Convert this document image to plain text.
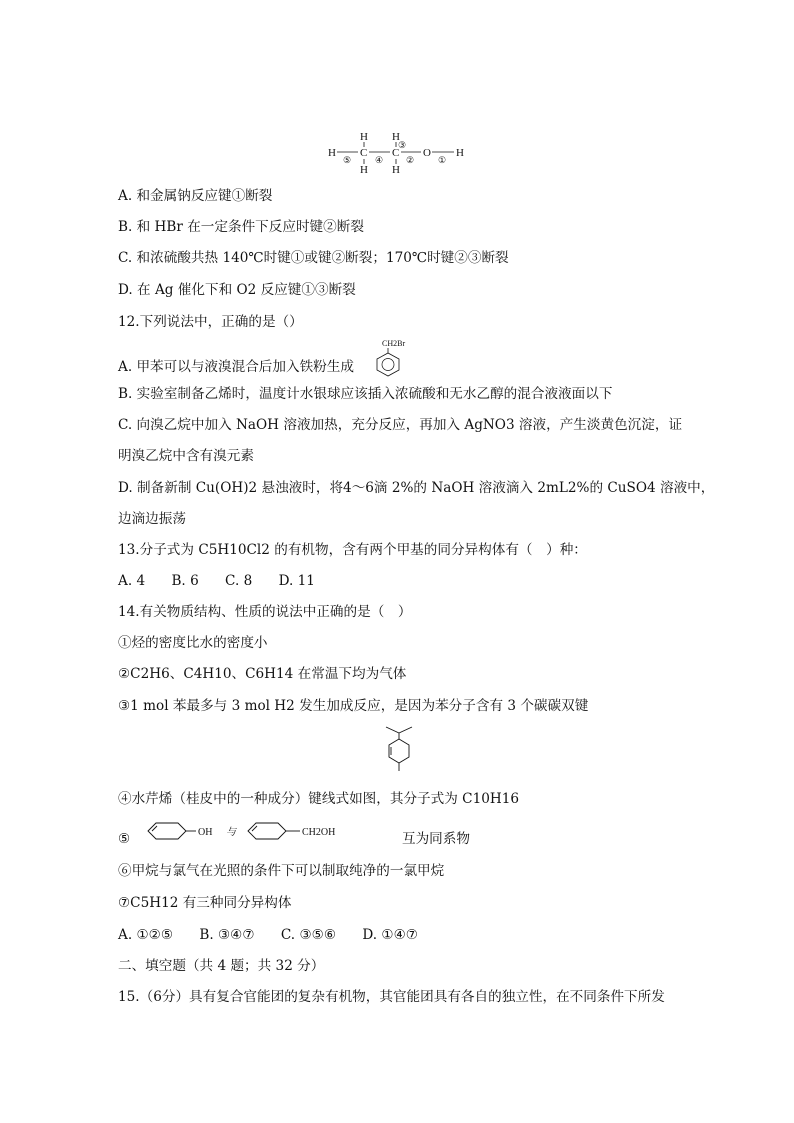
H H
H C C O H
H H
⑤	④
③
②	①
A. 和金属钠反应键①断裂
B. 和 HBr 在一定条件下反应时键②断裂
C. 和浓硫酸共热 140℃时键①或键②断裂；170℃时键②③断裂
D. 在 Ag 催化下和 O2 反应键①③断裂
12.下列说法中，正确的是（）
A. 甲苯可以与液溴混合后加入铁粉生成
CH2Br
B. 实验室制备乙烯时，温度计水银球应该插入浓硫酸和无水乙醇的混合液液面以下
C. 向溴乙烷中加入 NaOH 溶液加热，充分反应，再加入 AgNO3 溶液，产生淡黄色沉淀，证
明溴乙烷中含有溴元素
D. 制备新制 Cu(OH)2 悬浊液时，将4～6滴 2%的 NaOH 溶液滴入 2mL2%的 CuSO4 溶液中，
边滴边振荡
13.分子式为 C5H10Cl2 的有机物，含有两个甲基的同分异构体有（　）种：
A. 4 B. 6 C. 8 D. 11
14.有关物质结构、性质的说法中正确的是（　）
①烃的密度比水的密度小
②C2H6、C4H10、C6H14 在常温下均为气体
③1 mol 苯最多与 3 mol H2 发生加成反应，是因为苯分子含有 3 个碳碳双键
④水芹烯（桂皮中的一种成分）键线式如图，其分子式为 C10H16
⑤	OH 与	CH2OH	互为同系物
⑥甲烷与氯气在光照的条件下可以制取纯净的一氯甲烷
⑦C5H12 有三种同分异构体
A. ①②⑤ B. ③④⑦ C. ③⑤⑥ D. ①④⑦
二、填空题（共 4 题；共 32 分）
15.（6分）具有复合官能团的复杂有机物，其官能团具有各自的独立性，在不同条件下所发
